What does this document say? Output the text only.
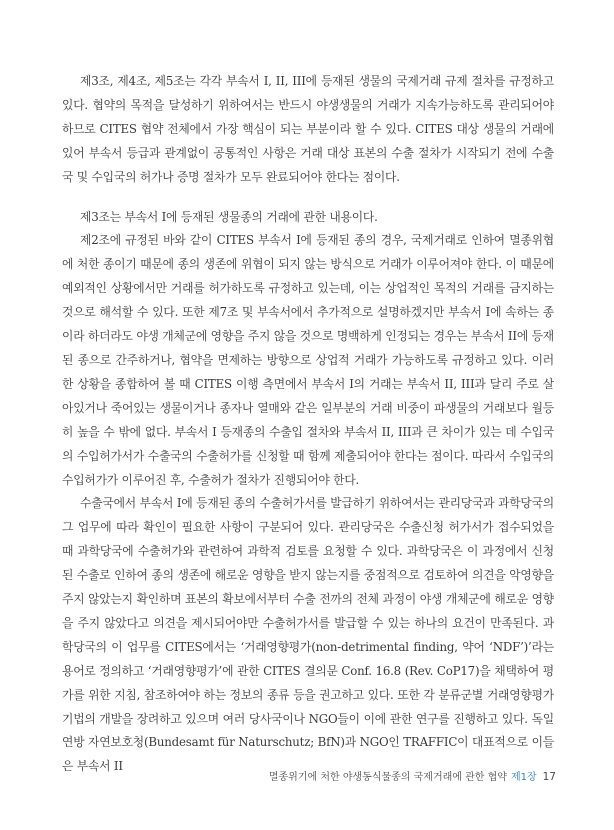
제3조, 제4조, 제5조는 각각 부속서 I, II, III에 등재된 생물의 국제거래 규제 절차를 규정하고 있다. 협약의 목적을 달성하기 위하여서는 반드시 야생생물의 거래가 지속가능하도록 관리되어야 하므로 CITES 협약 전체에서 가장 핵심이 되는 부분이라 할 수 있다. CITES 대상 생물의 거래에 있어 부속서 등급과 관계없이 공통적인 사항은 거래 대상 표본의 수출 절차가 시작되기 전에 수출국 및 수입국의 허가나 증명 절차가 모두 완료되어야 한다는 점이다.

제3조는 부속서 I에 등재된 생물종의 거래에 관한 내용이다.

제2조에 규정된 바와 같이 CITES 부속서 I에 등재된 종의 경우, 국제거래로 인하여 멸종위협에 처한 종이기 때문에 종의 생존에 위협이 되지 않는 방식으로 거래가 이루어져야 한다. 이 때문에 예외적인 상황에서만 거래를 허가하도록 규정하고 있는데, 이는 상업적인 목적의 거래를 금지하는 것으로 해석할 수 있다. 또한 제7조 및 부속서에서 추가적으로 설명하겠지만 부속서 I에 속하는 종이라 하더라도 야생 개체군에 영향을 주지 않을 것으로 명백하게 인정되는 경우는 부속서 II에 등재된 종으로 간주하거나, 협약을 면제하는 방향으로 상업적 거래가 가능하도록 규정하고 있다. 이러한 상황을 종합하여 볼 때 CITES 이행 측면에서 부속서 I의 거래는 부속서 II, III과 달리 주로 살아있거나 죽어있는 생물이거나 종자나 열매와 같은 일부분의 거래 비중이 파생물의 거래보다 월등히 높을 수 밖에 없다. 부속서 I 등재종의 수출입 절차와 부속서 II, III과 큰 차이가 있는 데 수입국의 수입허가서가 수출국의 수출허가를 신청할 때 함께 제출되어야 한다는 점이다. 따라서 수입국의 수입허가가 이루어진 후, 수출허가 절차가 진행되어야 한다.

수출국에서 부속서 I에 등재된 종의 수출허가서를 발급하기 위하여서는 관리당국과 과학당국의 그 업무에 따라 확인이 필요한 사항이 구분되어 있다. 관리당국은 수출신청 허가서가 접수되었을 때 과학당국에 수출허가와 관련하여 과학적 검토를 요청할 수 있다. 과학당국은 이 과정에서 신청된 수출로 인하여 종의 생존에 해로운 영향을 받지 않는지를 중점적으로 검토하여 의견을 악영향을 주지 않았는지 확인하며 표본의 확보에서부터 수출 전까의 전체 과정이 야생 개체군에 해로운 영향을 주지 않았다고 의견을 제시되어야만 수출허가서를 발급할 수 있는 하나의 요건이 만족된다. 과학당국의 이 업무를 CITES에서는 ‘거래영향평가(non-detrimental finding, 약어 ‘NDF’)’라는 용어로 정의하고 ‘거래영향평가’에 관한 CITES 결의문 Conf. 16.8 (Rev. CoP17)을 채택하여 평가를 위한 지침, 참조하여야 하는 정보의 종류 등을 권고하고 있다. 또한 각 분류군별 거래영향평가 기법의 개발을 장려하고 있으며 여러 당사국이나 NGO들이 이에 관한 연구를 진행하고 있다. 독일연방 자연보호청(Bundesamt für Naturschutz; BfN)과 NGO인 TRAFFIC이 대표적으로 이들은 부속서 II

멸종위기에 처한 야생동식물종의 국제거래에 관한 협약 제1장 17
